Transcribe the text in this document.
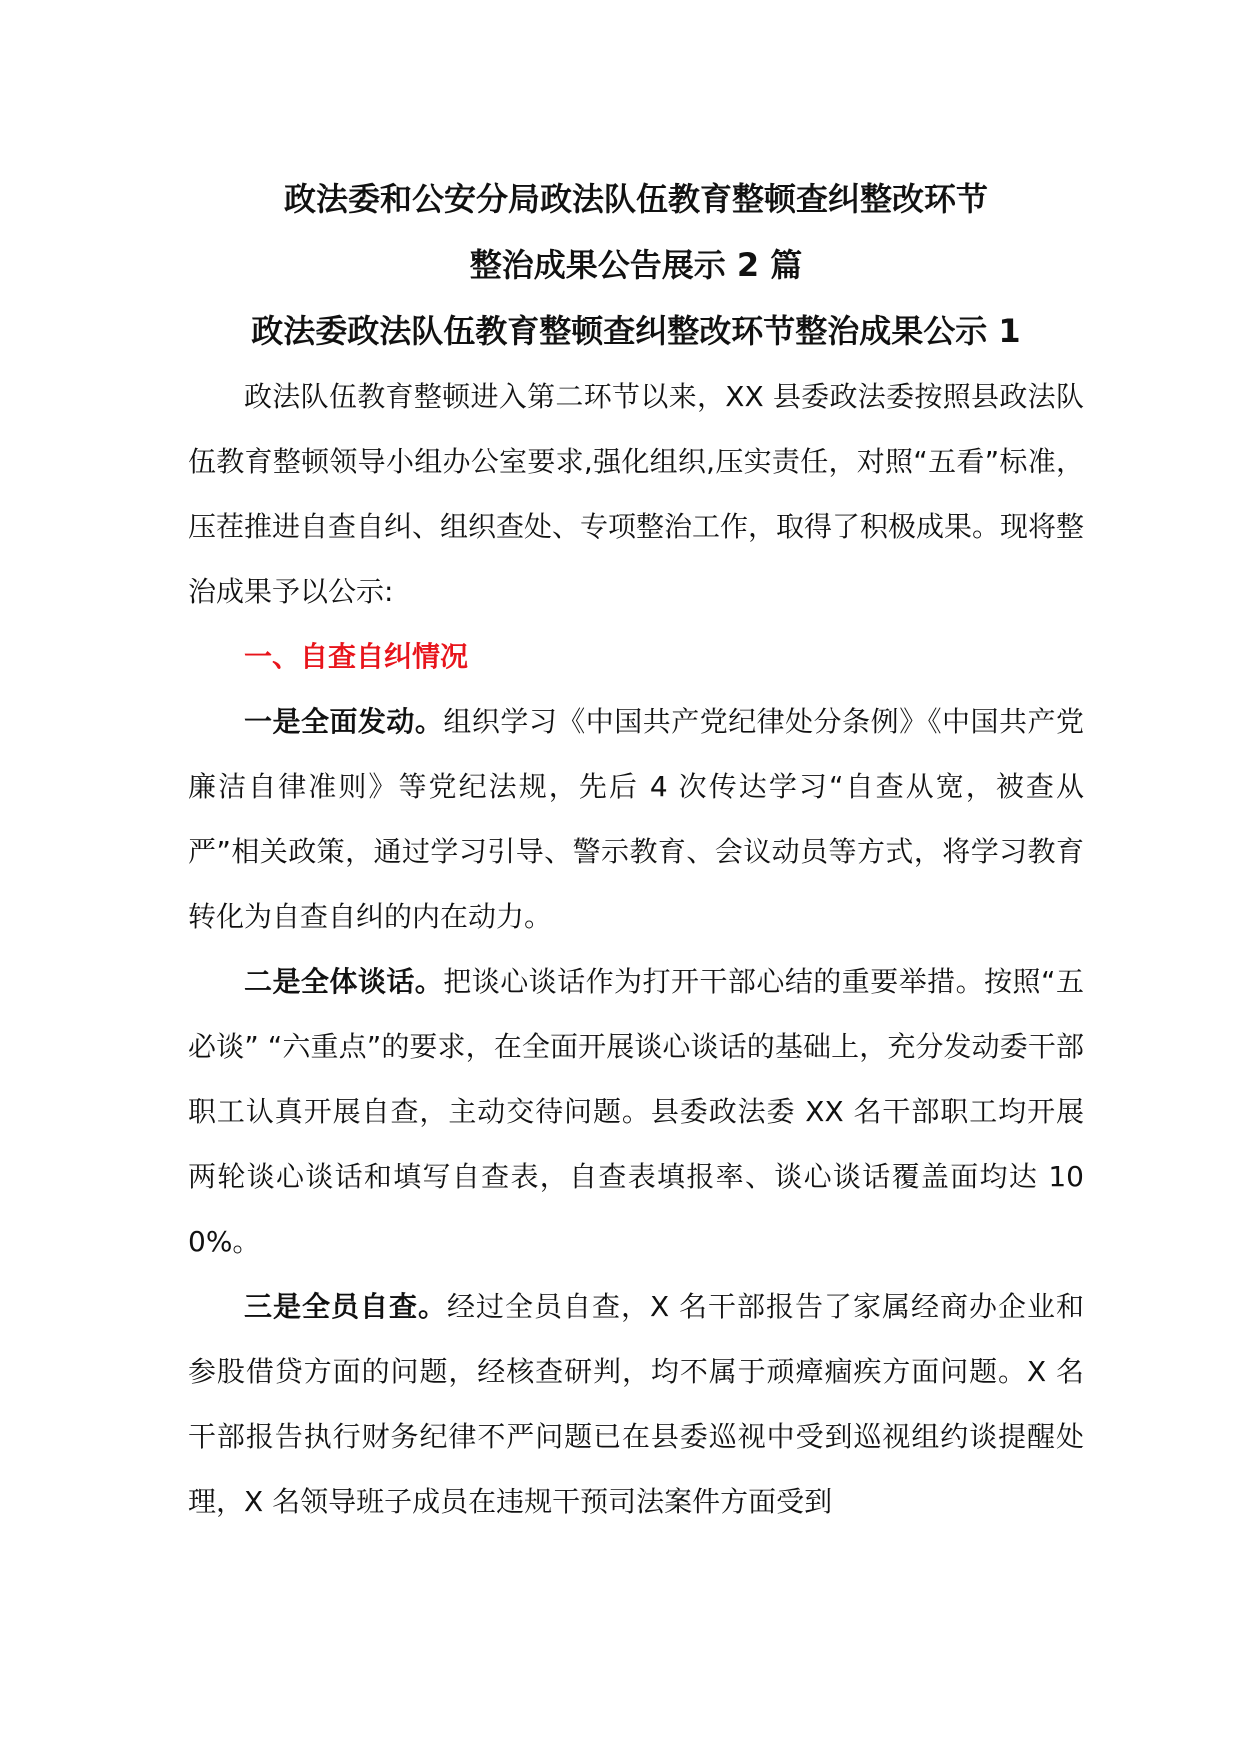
政法委和公安分局政法队伍教育整顿查纠整改环节

整治成果公告展示 2 篇

政法委政法队伍教育整顿查纠整改环节整治成果公示 1

政法队伍教育整顿进入第二环节以来，XX 县委政法委按照县政法队伍教育整顿领导小组办公室要求,强化组织,压实责任，对照“五看”标准，压茬推进自查自纠、组织查处、专项整治工作，取得了积极成果。现将整治成果予以公示:

一、自查自纠情况

一是全面发动。组织学习《中国共产党纪律处分条例》《中国共产党廉洁自律准则》等党纪法规，先后 4 次传达学习“自查从宽，被查从严”相关政策，通过学习引导、警示教育、会议动员等方式，将学习教育转化为自查自纠的内在动力。

二是全体谈话。把谈心谈话作为打开干部心结的重要举措。按照“五必谈” “六重点”的要求，在全面开展谈心谈话的基础上，充分发动委干部职工认真开展自查，主动交待问题。县委政法委 XX 名干部职工均开展两轮谈心谈话和填写自查表，自查表填报率、谈心谈话覆盖面均达 100%。

三是全员自查。经过全员自查，X 名干部报告了家属经商办企业和参股借贷方面的问题，经核查研判，均不属于顽瘴痼疾方面问题。X 名干部报告执行财务纪律不严问题已在县委巡视中受到巡视组约谈提醒处理，X 名领导班子成员在违规干预司法案件方面受到
